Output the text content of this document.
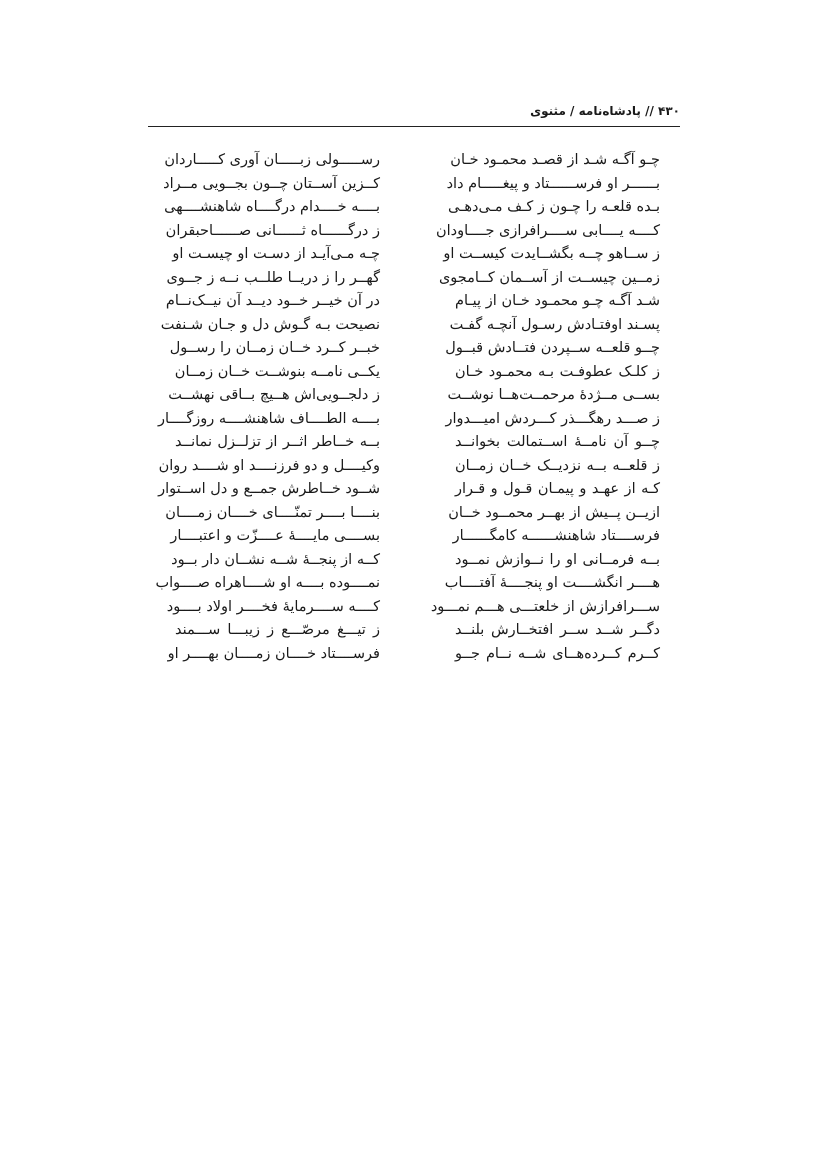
۴۳۰ // پادشاه‌نامه / مثنوی
چـو آگـه شـد از قصـد محمـود خـان
رســـــولی زبـــــان آوری کـــــاردان
بــــــر او فرســــــتاد و پیغـــــام داد
کــزین آســتان چــون بجــویی مــراد
بـده قلعـه را چـون ز کـف مـی‌دهـی
بــــه خــــدام درگــــاه شاهنشــــهی
کــــه یــــابی ســــرافرازی جــــاودان
ز درگــــــاه ثــــــانی صــــــاحبقران
ز ســاهو چــه بگشــایدت کیســت او
چـه مـی‌آیـد از دسـت او چیسـت او
زمــین چیســت از آســمان کــامجوی
گهــر را ز دریــا طلــب نــه ز جــوی
شـد آگـه چـو محمـود خـان از پیـام
در آن خیــر خــود دیــد آن نیــک‌نــام
پسـند اوفتـادش رسـول آنچـه گفـت
نصیحت بـه گـوش دل و جـان شـنفت
چــو قلعــه ســپردن فتــادش قبــول
خبــر کــرد خــان زمــان را رســول
ز کلـک عطوفـت بـه محمـود خـان
یکــی نامــه بنوشــت خــان زمــان
بســی مــژدهٔ مرحمــت‌هــا نوشــت
ز دلجــویی‌اش هــیچ بــاقی نهشــت
ز صـــد رهگـــذر کـــردش امیـــدوار
بــــه الطــــاف شاهنشــــه روزگــــار
چــو آن نامــهٔ اســتمالت بخوانــد
بــه خــاطر اثــر از تزلــزل نمانــد
ز قلعــه بــه نزدیــک خــان زمــان
وکیــــل و دو فرزنــــد او شــــد روان
کـه از عهـد و پیمـان قـول و قـرار
شــود خــاطرش جمــع و دل اســتوار
ازیــن پــیش از بهــر محمــود خــان
بنــــا بــــر تمنّــــای خــــان زمــــان
فرســــتاد شاهنشــــــه کامگــــــار
بســــی مایــــهٔ عــــزّت و اعتبــــار
بــه فرمــانی او را نــوازش نمــود
کــه از پنجــهٔ شــه نشــان دار بــود
هــــر انگشــــت او پنجــــهٔ آفتــــاب
نمــــوده بــــه او شــــاهراه صــــواب
ســـرافرازش از خلعتـــی هـــم نمـــود
کــــه ســــرمایهٔ فخــــر اولاد بــــود
دگــر شــد ســر افتخــارش بلنــد
ز تیـــغ مرصّـــع ز زیبـــا ســـمند
کــرم کــرده‌هــای شــه نــام جــو
فرســــتاد خــــان زمــــان بهــــر او
